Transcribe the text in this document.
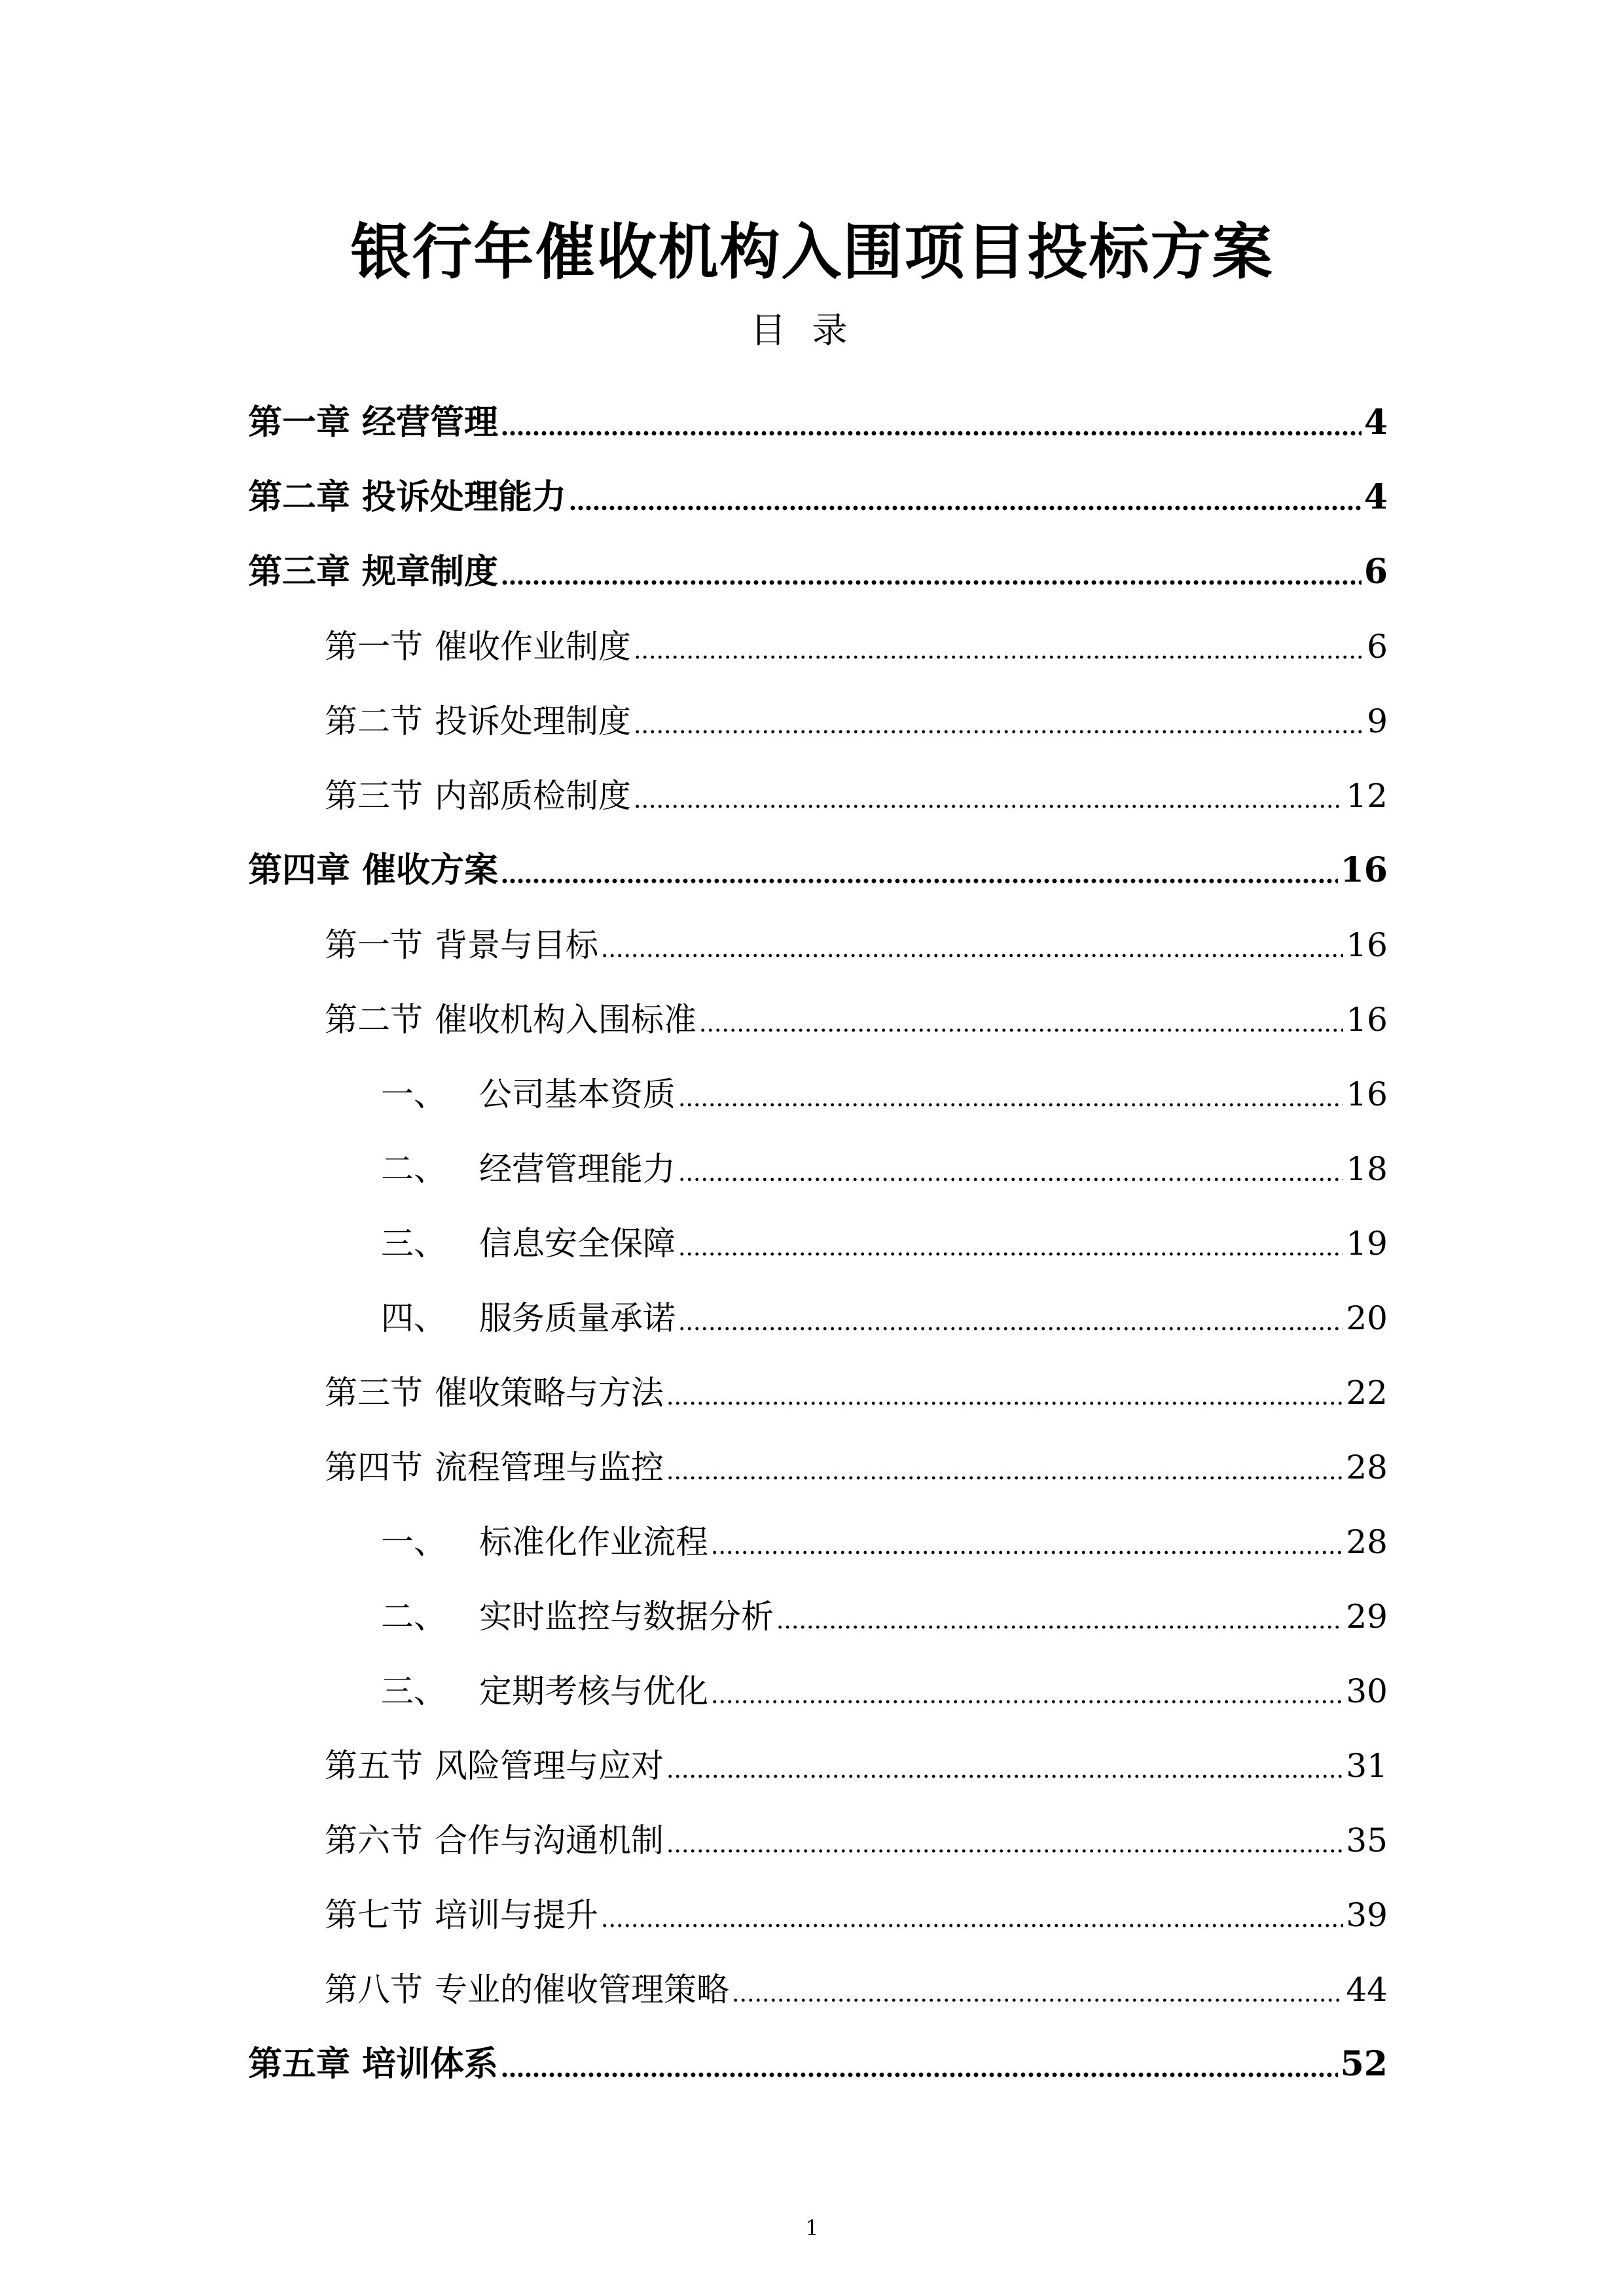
银行年催收机构入围项目投标方案
目录
第一章 经营管理	4
第二章 投诉处理能力	4
第三章 规章制度	6
第一节 催收作业制度	6
第二节 投诉处理制度	9
第三节 内部质检制度	12
第四章 催收方案	16
第一节 背景与目标	16
第二节 催收机构入围标准	16
一、	公司基本资质	16
二、	经营管理能力	18
三、	信息安全保障	19
四、	服务质量承诺	20
第三节 催收策略与方法	22
第四节 流程管理与监控	28
一、	标准化作业流程	28
二、	实时监控与数据分析	29
三、	定期考核与优化	30
第五节 风险管理与应对	31
第六节 合作与沟通机制	35
第七节 培训与提升	39
第八节 专业的催收管理策略	44
第五章 培训体系	52
1
